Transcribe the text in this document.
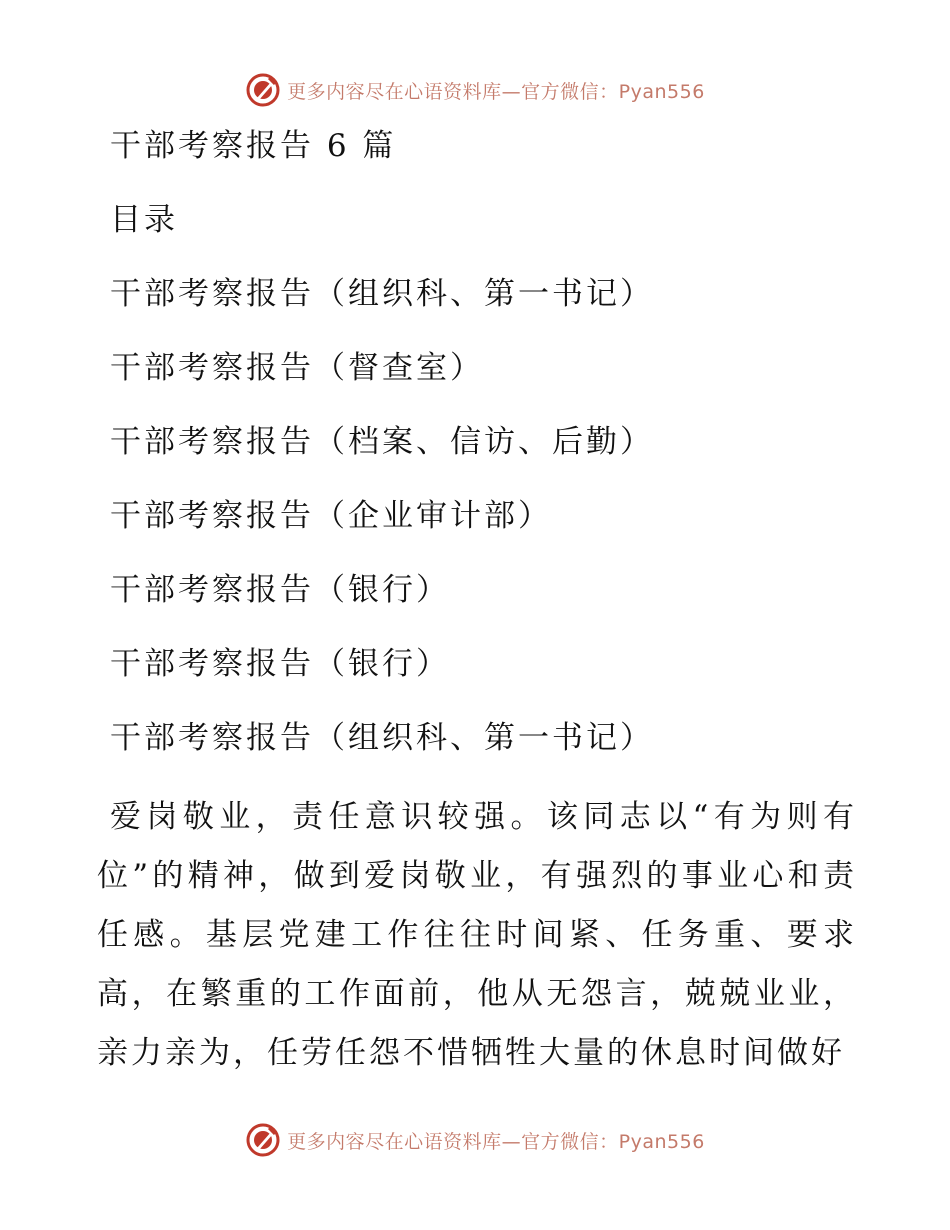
更多内容尽在心语资料库—官方微信：Pyan556
干部考察报告 6 篇
目录
干部考察报告（组织科、第一书记）
干部考察报告（督查室）
干部考察报告（档案、信访、后勤）
干部考察报告（企业审计部）
干部考察报告（银行）
干部考察报告（银行）
干部考察报告（组织科、第一书记）
爱岗敬业，责任意识较强。该同志以“有为则有位”的精神，做到爱岗敬业，有强烈的事业心和责任感。基层党建工作往往时间紧、任务重、要求高，在繁重的工作面前，他从无怨言，兢兢业业，亲力亲为，任劳任怨不惜牺牲大量的休息时间做好
更多内容尽在心语资料库—官方微信：Pyan556
